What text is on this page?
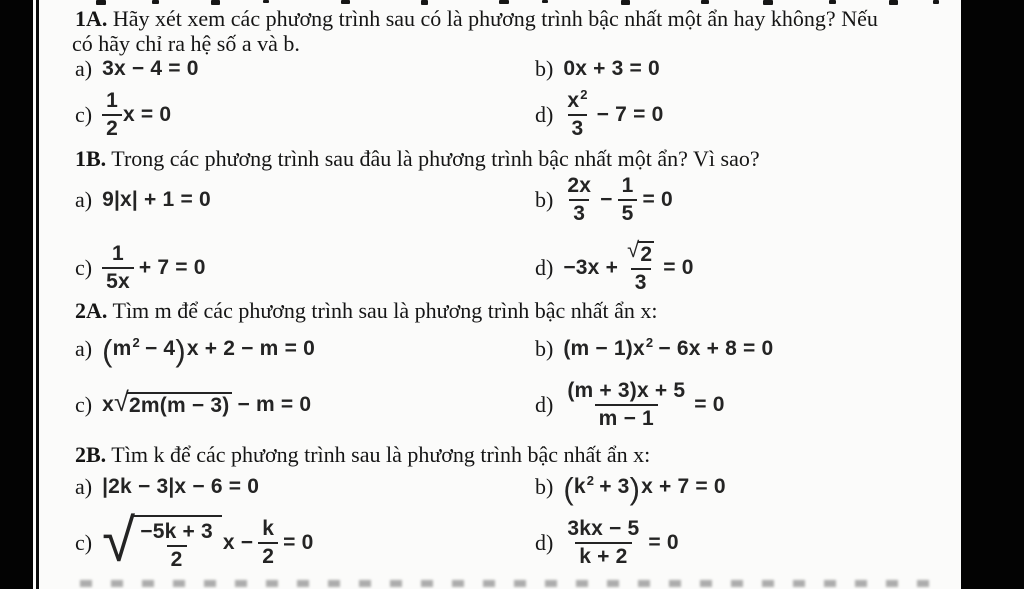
1A. Hãy xét xem các phương trình sau có là phương trình bậc nhất một ẩn hay không? Nếu
có hãy chỉ ra hệ số a và b.
a) 3x − 4 = 0	b) 0x + 3 = 0
$c) \frac{1}{2}$ x = 0	$d) \frac{x^2}{3} - 7 = 0$
1B. Trong các phương trình sau đâu là phương trình bậc nhất một ẩn? Vì sao?
a) 9|x| + 1 = 0	$b) \frac{2x}{3} - \frac{1}{5} = 0$
$c) \frac{1}{5x} + 7 = 0$	$d) -3x + \frac{√ 2}{3} = 0$
2A. Tìm m để các phương trình sau là phương trình bậc nhất ẩn x:
a) ( $m^2 - 4$ ) x + 2 − m = 0	b) $(m - 1)x^2 - 6x + 8 = 0$
c) x √ 2m(m − 3) − m = 0	$d) \frac{(m + 3)x + 5}{m - 1} = 0$
2B. Tìm k để các phương trình sau là phương trình bậc nhất ẩn x:
a) |2k − 3|x − 6 = 0	b) ( $k^2 + 3$ ) x + 7 = 0
c) √ $\frac{-5k + 3}{2}$ $x - \frac{k}{2} = 0$	$d) \frac{3kx - 5}{k + 2} = 0$
